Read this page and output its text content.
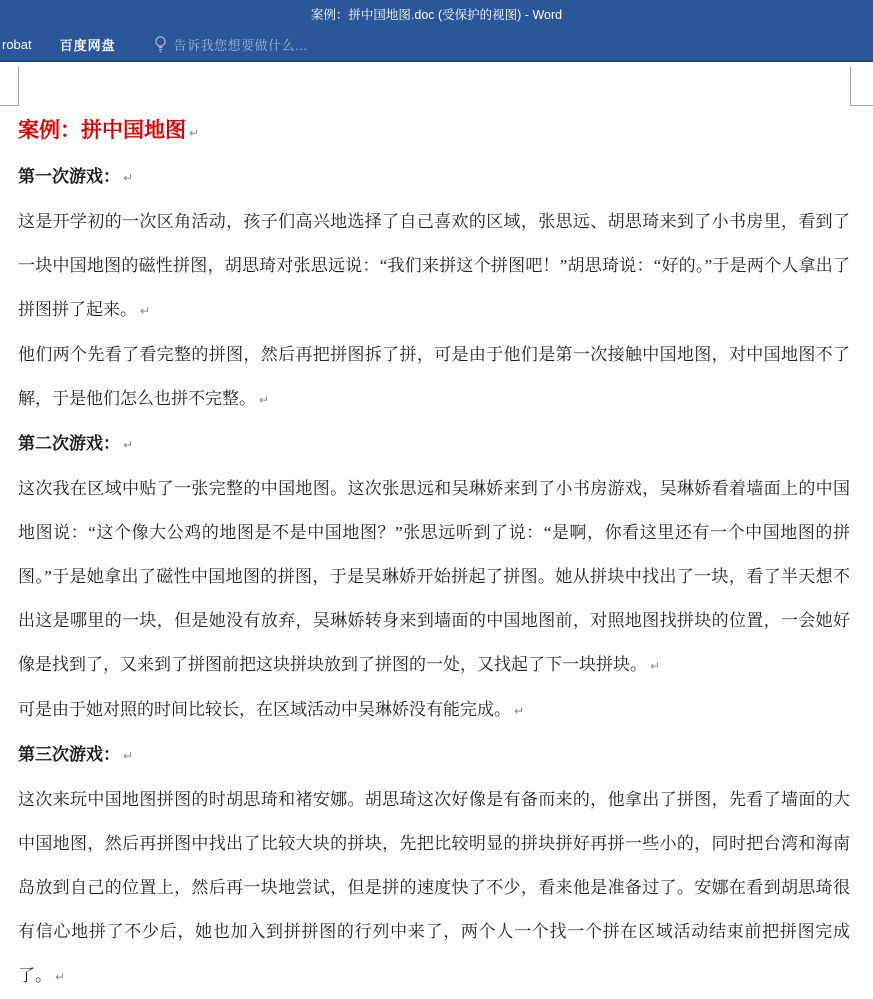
案例：拼中国地图.doc (受保护的视图) - Word
robat	百度网盘	告诉我您想要做什么...
案例：拼中国地图 ↵
第一次游戏： ↵

这是开学初的一次区角活动，孩子们高兴地选择了自己喜欢的区域，张思远、胡思琦来到了小书房里，看到了一块中国地图的磁性拼图，胡思琦对张思远说：“我们来拼这个拼图吧！”胡思琦说：“好的。”于是两个人拿出了拼图拼了起来。 ↵

他们两个先看了看完整的拼图，然后再把拼图拆了拼，可是由于他们是第一次接触中国地图，对中国地图不了解，于是他们怎么也拼不完整。 ↵

第二次游戏： ↵

这次我在区域中贴了一张完整的中国地图。这次张思远和吴琳娇来到了小书房游戏，吴琳娇看着墙面上的中国地图说：“这个像大公鸡的地图是不是中国地图？”张思远听到了说：“是啊，你看这里还有一个中国地图的拼图。”于是她拿出了磁性中国地图的拼图，于是吴琳娇开始拼起了拼图。她从拼块中找出了一块，看了半天想不出这是哪里的一块，但是她没有放弃，吴琳娇转身来到墙面的中国地图前，对照地图找拼块的位置，一会她好像是找到了，又来到了拼图前把这块拼块放到了拼图的一处，又找起了下一块拼块。 ↵

可是由于她对照的时间比较长，在区域活动中吴琳娇没有能完成。 ↵

第三次游戏： ↵

这次来玩中国地图拼图的时胡思琦和褚安娜。胡思琦这次好像是有备而来的，他拿出了拼图，先看了墙面的大中国地图，然后再拼图中找出了比较大块的拼块，先把比较明显的拼块拼好再拼一些小的，同时把台湾和海南岛放到自己的位置上，然后再一块地尝试，但是拼的速度快了不少，看来他是准备过了。安娜在看到胡思琦很有信心地拼了不少后，她也加入到拼拼图的行列中来了，两个人一个找一个拼在区域活动结束前把拼图完成了。 ↵
